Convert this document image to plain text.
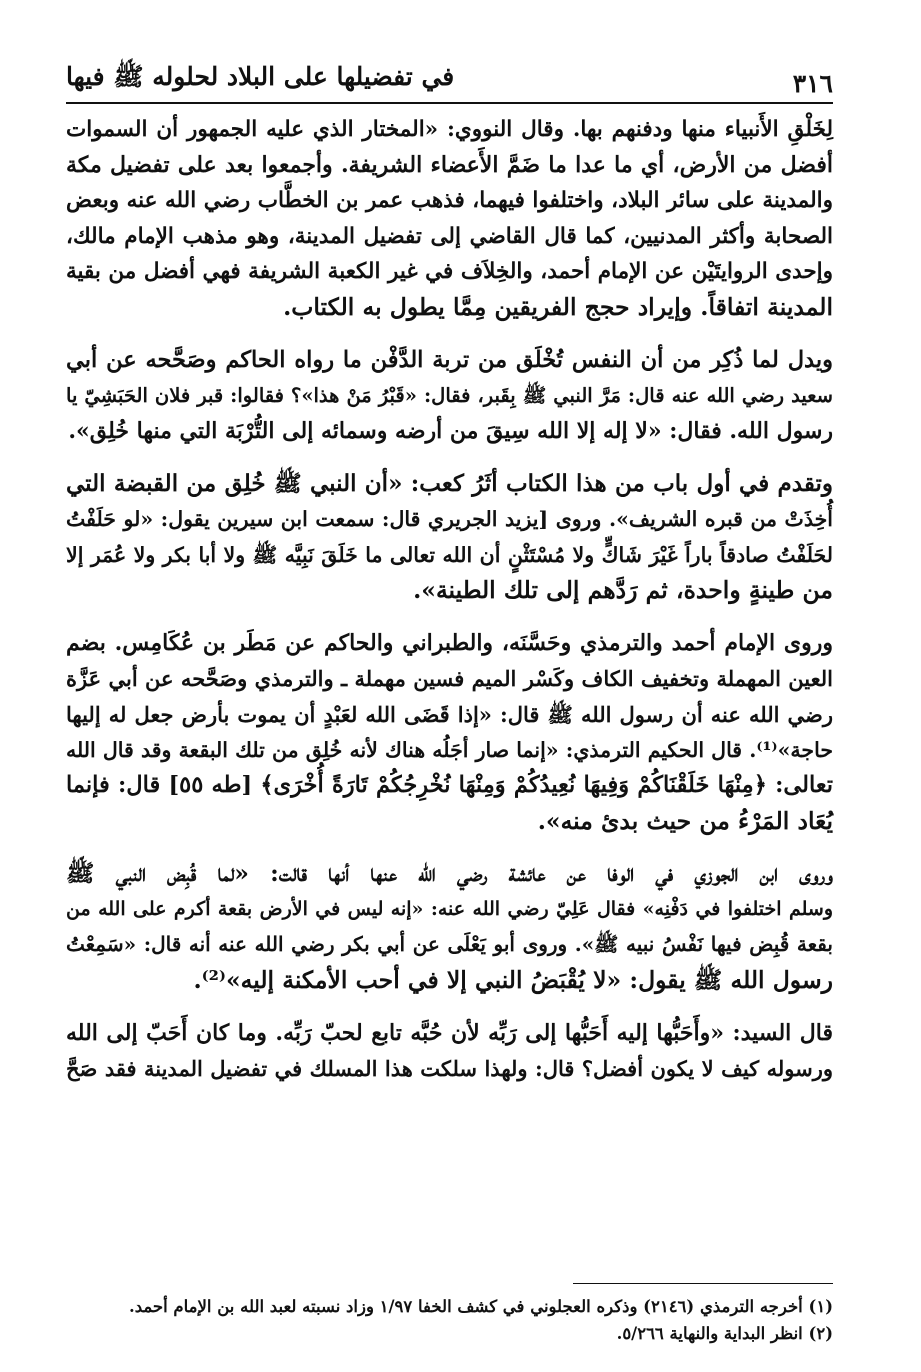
٣١٦
في تفضيلها على البلاد لحلوله ﷺ فيها

لِخَلْقِ الأَنبياء منها ودفنهم بها. وقال النووي: «المختار الذي عليه الجمهور أن السموات
أفضل من الأرض، أي ما عدا ما ضَمَّ الأَعضاء الشريفة. وأجمعوا بعد على تفضيل مكة
والمدينة على سائر البلاد، واختلفوا فيهما، فذهب عمر بن الخطَّاب رضي الله عنه وبعض
الصحابة وأكثر المدنيين، كما قال القاضي إلى تفضيل المدينة، وهو مذهب الإمام مالك،
وإحدى الروايتَيْن عن الإمام أحمد، والخِلاَف في غير الكعبة الشريفة فهي أفضل من بقية
المدينة اتفاقاً. وإيراد حجج الفريقين مِمَّا يطول به الكتاب.

ويدل لما ذُكِر من أن النفس تُخْلَق من تربة الدَّفْن ما رواه الحاكم وصَحَّحه عن أبي
سعيد رضي الله عنه قال: مَرَّ النبي ﷺ بِقَبر، فقال: «قَبْرُ مَنْ هذا»؟ فقالوا: قبر فلان الحَبَشِيّ يا
رسول الله. فقال: «لا إله إلا الله سِيقَ من أرضه وسمائه إلى التُّرْبَة التي منها خُلِق».

وتقدم في أول باب من هذا الكتاب أثَرُ كعب: «أن النبي ﷺ خُلِق من القبضة التي
أُخِذَتْ من قبره الشريف». وروى [يزيد الجريري قال: سمعت ابن سيرين يقول: «لو حَلَفْتُ
لحَلَفْتُ صادقاً باراً غَيْرَ شَاكٍّ ولا مُسْتَثْنٍ أن الله تعالى ما خَلَقَ نَبِيَّه ﷺ ولا أبا بكر ولا عُمَر إلا
من طينةٍ واحدة، ثم رَدَّهم إلى تلك الطينة».

وروى الإمام أحمد والترمذي وحَسَّنَه، والطبراني والحاكم عن مَطَر بن عُكَامِس. بضم
العين المهملة وتخفيف الكاف وكَسْر الميم فسين مهملة ـ والترمذي وصَحَّحه عن أبي عَزَّة
رضي الله عنه أن رسول الله ﷺ قال: «إذا قَضَى الله لعَبْدٍ أن يموت بأرض جعل له إليها
حاجة»⁽¹⁾. قال الحكيم الترمذي: «إنما صار أجَلُه هناك لأنه خُلِق من تلك البقعة وقد قال الله
تعالى: ﴿مِنْهَا خَلَقْنَاكُمْ وَفِيهَا نُعِيدُكُمْ وَمِنْهَا نُخْرِجُكُمْ تَارَةً أُخْرَى﴾ [طه ٥٥] قال: فإنما
يُعَاد المَرْءُ من حيث بدئ منه».

وروى ابن الجوزي في الوفا عن عائشة رضي الله عنها أنها قالت: «لما قُبِض النبي ﷺ
وسلم اختلفوا في دَفْنِه» فقال عَلِيّ رضي الله عنه: «إنه ليس في الأرض بقعة أكرم على الله من
بقعة قُبِض فيها نَفْسُ نبيه ﷺ». وروى أبو يَعْلَى عن أبي بكر رضي الله عنه أنه قال: «سَمِعْتُ
رسول الله ﷺ يقول: «لا يُقْبَضُ النبي إلا في أحب الأمكنة إليه»⁽²⁾.

قال السيد: «وأَحَبُّها إليه أَحَبُّها إلى رَبِّه لأن حُبَّه تابع لحبّ رَبِّه. وما كان أَحَبّ إلى الله
ورسوله كيف لا يكون أفضل؟ قال: ولهذا سلكت هذا المسلك في تفضيل المدينة فقد صَحَّ

(١) أخرجه الترمذي (٢١٤٦) وذكره العجلوني في كشف الخفا ١/٩٧ وزاد نسبته لعبد الله بن الإمام أحمد.
(٢) انظر البداية والنهاية ٥/٢٦٦.
